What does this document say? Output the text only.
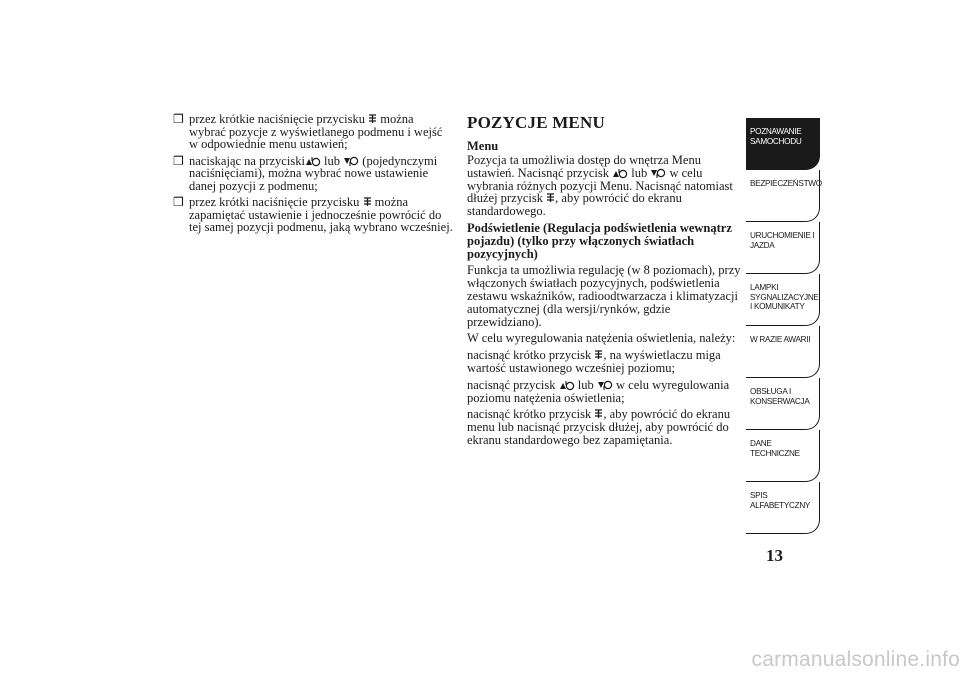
❒ przez krótkie naciśnięcie przycisku
można wybrać pozycje z wyświetlanego podmenu i wejść w odpowiednie menu ustawień;
❒ naciskając na przyciski
lub
(pojedynczymi naciśnięciami), można wybrać nowe ustawienie danej pozycji z podmenu;
❒ przez krótki naciśnięcie przycisku
można zapamiętać ustawienie i jednocześnie powrócić do tej samej pozycji podmenu, jaką wybrano wcześniej.
POZYCJE MENU
Menu
Pozycja ta umożliwia dostęp do wnętrza Menu ustawień. Nacisnąć przycisk
lub
w celu wybrania różnych pozycji Menu. Nacisnąć natomiast dłużej przycisk
, aby powrócić do ekranu standardowego.
Podświetlenie (Regulacja podświetlenia wewnątrz pojazdu) (tylko przy włączonych światłach pozycyjnych)
Funkcja ta umożliwia regulację (w 8 poziomach), przy włączonych światłach pozycyjnych, podświetlenia zestawu wskaźników, radioodtwarzacza i klimatyzacji automatycznej (dla wersji/rynków, gdzie przewidziano).
W celu wyregulowania natężenia oświetlenia, należy:
nacisnąć krótko przycisk
, na wyświetlaczu miga wartość ustawionego wcześniej poziomu;
nacisnąć przycisk
lub
w celu wyregulowania poziomu natężenia oświetlenia;
nacisnąć krótko przycisk
, aby powrócić do ekranu menu lub nacisnąć przycisk dłużej, aby powrócić do ekranu standardowego bez zapamiętania.
POZNAWANIE
SAMOCHODU
BEZPIECZEŃSTWO
URUCHOMIENIE I
JAZDA
LAMPKI
SYGNALIZACYJNE
I KOMUNIKATY
W RAZIE AWARII
OBSŁUGA I
KONSERWACJA
DANE
TECHNICZNE
SPIS
ALFABETYCZNY
13
carmanualsonline.info
